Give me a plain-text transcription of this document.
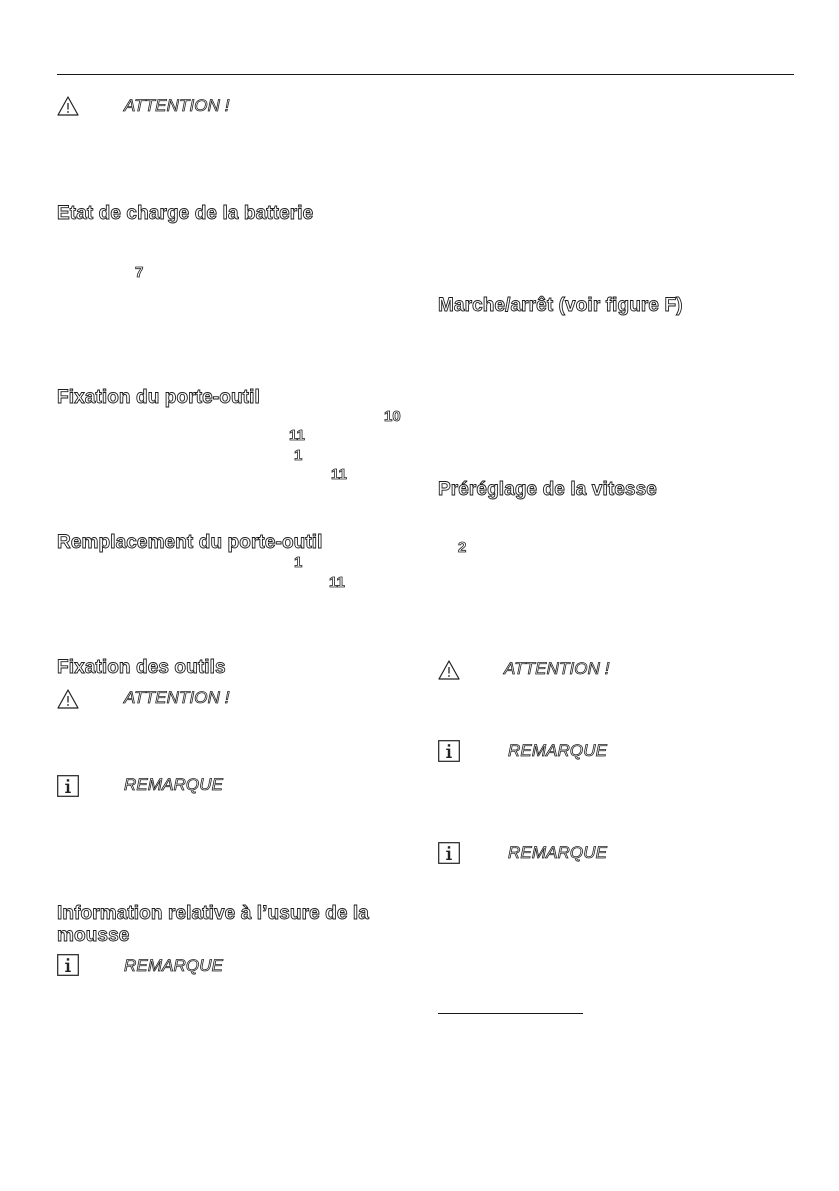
ATTENTION !
Etat de charge de la batterie
7
Fixation du porte-outil
10
11
1
11
Remplacement du porte-outil
1
11
Fixation des outils
ATTENTION !
REMARQUE
Information relative à l’usure de la mousse
REMARQUE
Marche/arrêt (voir figure F)
Préréglage de la vitesse
2
ATTENTION !
REMARQUE
REMARQUE
